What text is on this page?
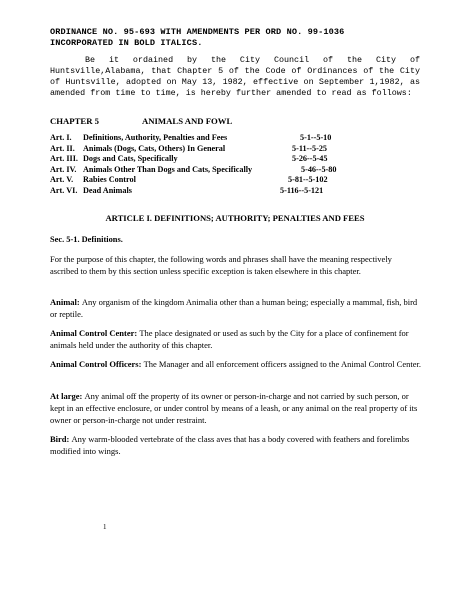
ORDINANCE NO. 95-693 WITH AMENDMENTS PER ORD NO. 99-1036
INCORPORATED IN BOLD ITALICS.
Be it ordained by the City Council of the City of Huntsville,Alabama, that Chapter 5 of the Code of Ordinances of the City of Huntsville, adopted on May 13, 1982, effective on September 1,1982, as amended from time to time, is hereby further amended to read as follows:
CHAPTER 5	ANIMALS AND FOWL
Art. I. Definitions, Authority, Penalties and Fees	5-1--5-10
Art. II. Animals (Dogs, Cats, Others) In General	5-11--5-25
Art. III. Dogs and Cats, Specifically	5-26--5-45
Art. IV. Animals Other Than Dogs and Cats, Specifically	5-46--5-80
Art. V. Rabies Control	5-81--5-102
Art. VI. Dead Animals	5-116--5-121
ARTICLE I. DEFINITIONS; AUTHORITY; PENALTIES AND FEES
Sec. 5-1. Definitions.
For the purpose of this chapter, the following words and phrases shall have the meaning respectively ascribed to them by this section unless specific exception is taken elsewhere in this chapter.
Animal: Any organism of the kingdom Animalia other than a human being; especially a mammal, fish, bird or reptile.
Animal Control Center: The place designated or used as such by the City for a place of confinement for animals held under the authority of this chapter.
Animal Control Officers: The Manager and all enforcement officers assigned to the Animal Control Center.
At large: Any animal off the property of its owner or person-in-charge and not carried by such person, or kept in an effective enclosure, or under control by means of a leash, or any animal on the real property of its owner or person-in-charge not under restraint.
Bird: Any warm-blooded vertebrate of the class aves that has a body covered with feathers and forelimbs modified into wings.
1
